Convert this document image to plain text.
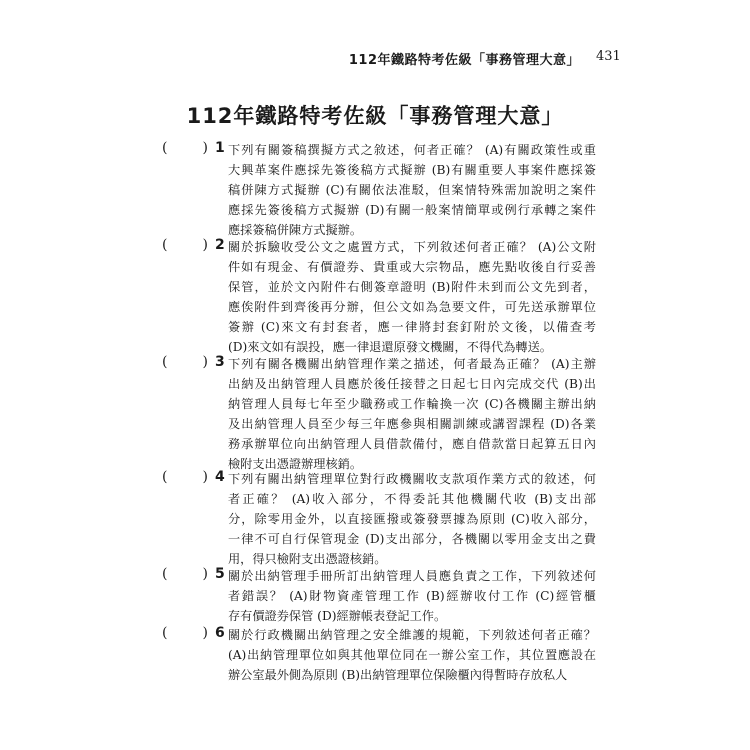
112年鐵路特考佐級「事務管理大意」 431
112年鐵路特考佐級「事務管理大意」
(	) 1 下列有關簽稿撰擬方式之敘述，何者正確？ (A)有關政策性或重
大興革案件應採先簽後稿方式擬辦 (B)有關重要人事案件應採簽
稿併陳方式擬辦 (C)有關依法准駁，但案情特殊需加說明之案件
應採先簽後稿方式擬辦 (D)有關一般案情簡單或例行承轉之案件
應採簽稿併陳方式擬辦。
(	) 2 關於拆驗收受公文之處置方式，下列敘述何者正確？ (A)公文附
件如有現金、有價證券、貴重或大宗物品，應先點收後自行妥善
保管，並於文內附件右側簽章證明 (B)附件未到而公文先到者，
應俟附件到齊後再分辦，但公文如為急要文件，可先送承辦單位
簽辦 (C)來文有封套者，應一律將封套釘附於文後，以備查考
(D)來文如有誤投，應一律退還原發文機關，不得代為轉送。
(	) 3 下列有關各機關出納管理作業之描述，何者最為正確？ (A)主辦
出納及出納管理人員應於後任接替之日起七日內完成交代 (B)出
納管理人員每七年至少職務或工作輪換一次 (C)各機關主辦出納
及出納管理人員至少每三年應參與相關訓練或講習課程 (D)各業
務承辦單位向出納管理人員借款備付，應自借款當日起算五日內
檢附支出憑證辦理核銷。
(	) 4 下列有關出納管理單位對行政機關收支款項作業方式的敘述，何
者正確？ (A)收入部分，不得委託其他機關代收 (B)支出部
分，除零用金外，以直接匯撥或簽發票據為原則 (C)收入部分，
一律不可自行保管現金 (D)支出部分，各機關以零用金支出之費
用，得只檢附支出憑證核銷。
(	) 5 關於出納管理手冊所訂出納管理人員應負責之工作，下列敘述何
者錯誤？ (A)財物資產管理工作 (B)經辦收付工作 (C)經管櫃
存有價證券保管 (D)經辦帳表登記工作。
(	) 6 關於行政機關出納管理之安全維護的規範，下列敘述何者正確？
(A)出納管理單位如與其他單位同在一辦公室工作，其位置應設在
辦公室最外側為原則 (B)出納管理單位保險櫃內得暫時存放私人
